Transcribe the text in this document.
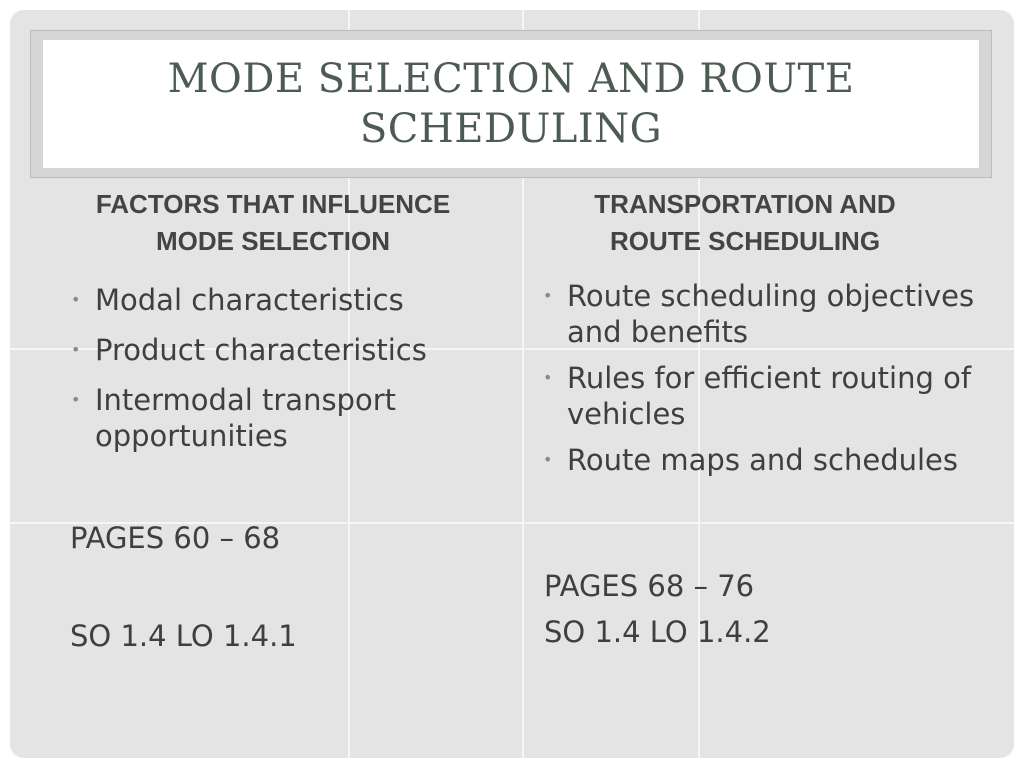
MODE SELECTION AND ROUTE SCHEDULING
FACTORS THAT INFLUENCE
MODE SELECTION
• Modal characteristics
• Product characteristics
• Intermodal transport opportunities

PAGES 60 – 68

SO 1.4 LO 1.4.1

TRANSPORTATION AND
ROUTE SCHEDULING
• Route scheduling objectives and benefits
• Rules for efficient routing of vehicles
• Route maps and schedules

PAGES 68 – 76

SO 1.4 LO 1.4.2
